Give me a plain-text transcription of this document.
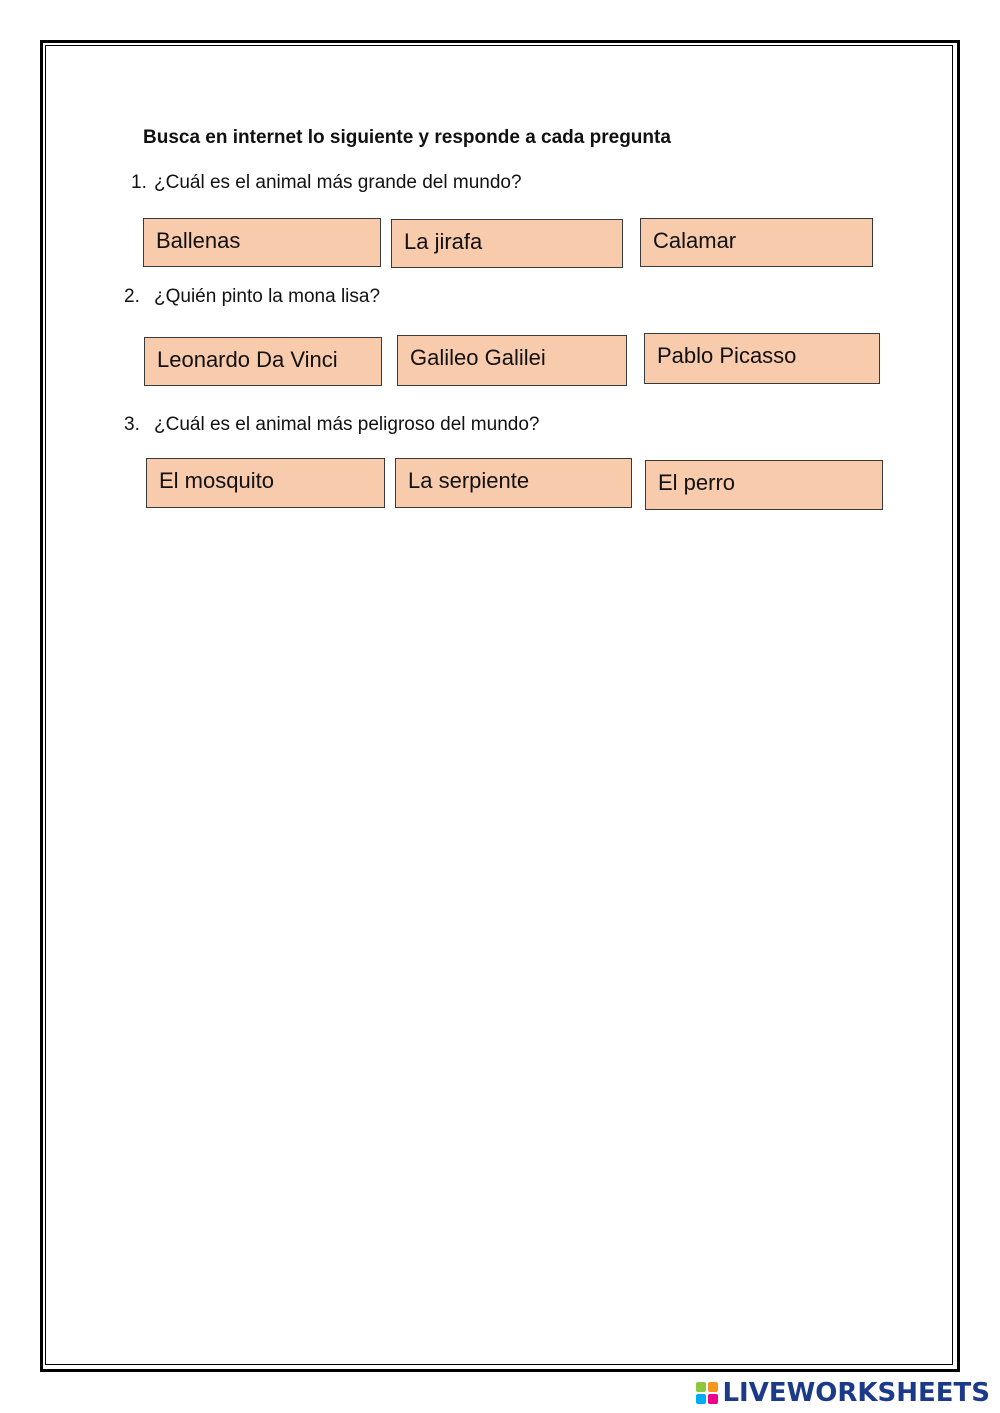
Busca en internet lo siguiente y responde a cada pregunta
1. ¿Cuál es el animal más grande del mundo?
Ballenas	La jirafa	Calamar
2. ¿Quién pinto la mona lisa?
Leonardo Da Vinci	Galileo Galilei	Pablo Picasso
3. ¿Cuál es el animal más peligroso del mundo?
El mosquito	La serpiente	El perro
LIVEWORKSHEETS
